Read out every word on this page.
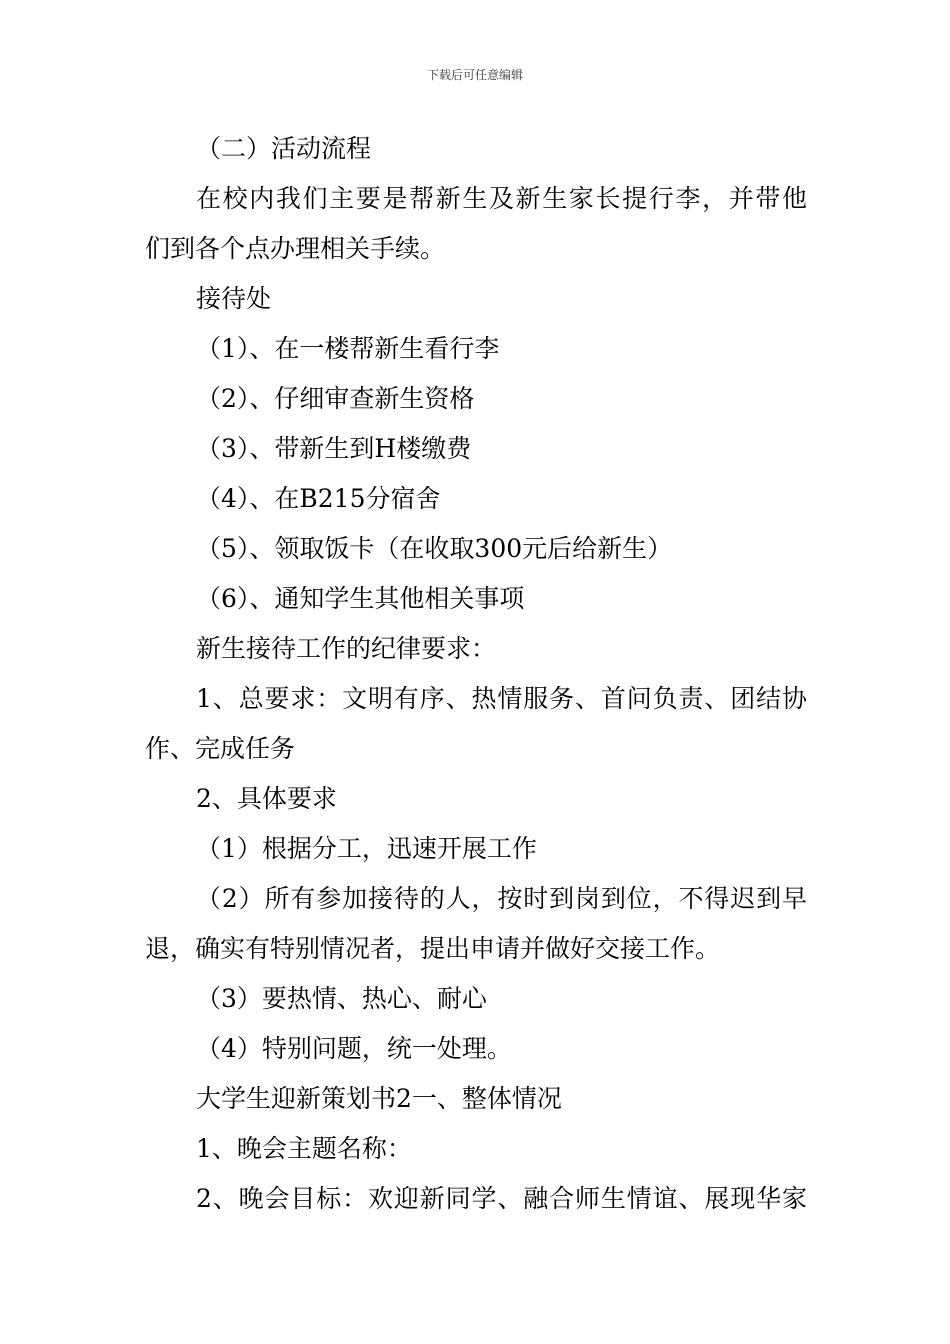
下载后可任意编辑
（二）活动流程
在校内我们主要是帮新生及新生家长提行李，并带他
们到各个点办理相关手续。
接待处
（1）、在一楼帮新生看行李
（2）、仔细审查新生资格
（3）、带新生到H楼缴费
（4）、在B215分宿舍
（5）、领取饭卡（在收取300元后给新生）
（6）、通知学生其他相关事项
新生接待工作的纪律要求：
1、总要求：文明有序、热情服务、首问负责、团结协
作、完成任务
2、具体要求
（1）根据分工，迅速开展工作
（2）所有参加接待的人，按时到岗到位，不得迟到早
退，确实有特别情况者，提出申请并做好交接工作。
（3）要热情、热心、耐心
（4）特别问题，统一处理。
大学生迎新策划书2一、整体情况
1、晚会主题名称：
2、晚会目标：欢迎新同学、融合师生情谊、展现华家
